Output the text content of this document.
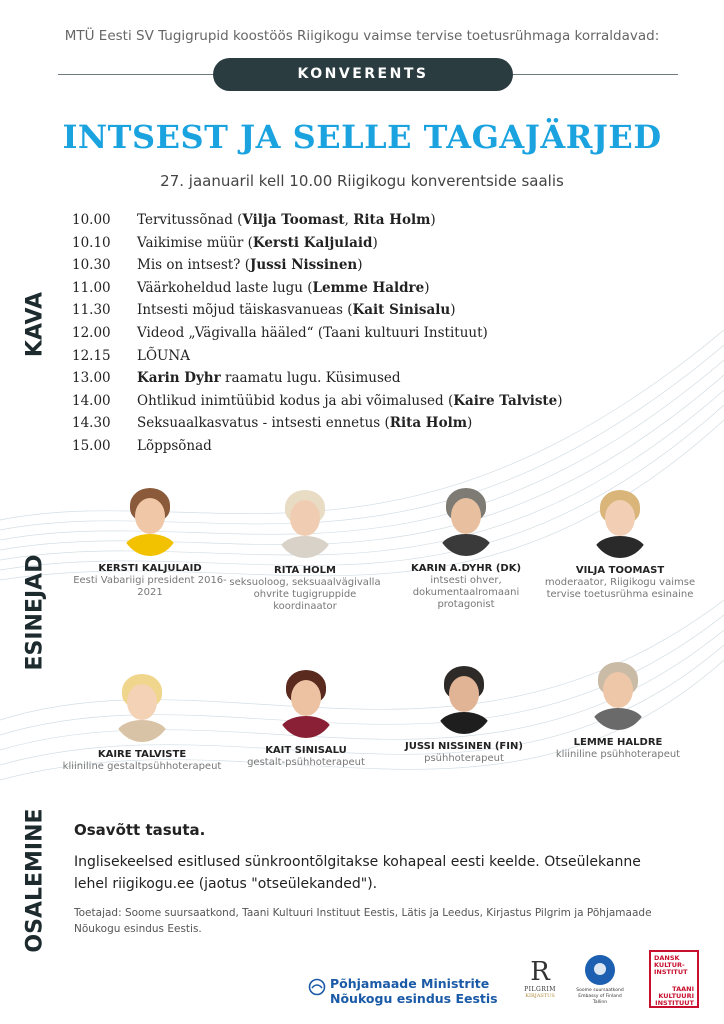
MTÜ Eesti SV Tugigrupid koostöös Riigikogu vaimse tervise toetusrühmaga korraldavad:
KONVERENTS
INTSEST JA SELLE TAGAJÄRJED
27. jaanuaril kell 10.00 Riigikogu konverentside saalis
KAVA
ESINEJAD
OSALEMINE
10.00 Tervitussõnad (Vilja Toomast, Rita Holm)
10.10 Vaikimise müür (Kersti Kaljulaid)
10.30 Mis on intsest? (Jussi Nissinen)
11.00 Väärkoheldud laste lugu (Lemme Haldre)
11.30 Intsesti mõjud täiskasvanueas (Kait Sinisalu)
12.00 Videod „Vägivalla hääled“ (Taani kultuuri Instituut)
12.15 LÕUNA
13.00 Karin Dyhr raamatu lugu. Küsimused
14.00 Ohtlikud inimtüübid kodus ja abi võimalused (Kaire Talviste)
14.30 Seksuaalkasvatus - intsesti ennetus (Rita Holm)
15.00 Lõppsõnad
KERSTI KALJULAID
Eesti Vabariigi president 2016-2021
RITA HOLM
seksuoloog, seksuaalvägivalla ohvrite tugigruppide koordinaator
KARIN A.DYHR (DK)
intsesti ohver, dokumentaalromaani protagonist
VILJA TOOMAST
moderaator, Riigikogu vaimse tervise toetusrühma esinaine
KAIRE TALVISTE
kliiniline gestaltpsühhoterapeut
KAIT SINISALU
gestalt-psühhoterapeut
JUSSI NISSINEN (FIN)
psühhoterapeut
LEMME HALDRE
kliiniline psühhoterapeut
Osavõtt tasuta.
Inglisekeelsed esitlused sünkroontõlgitakse kohapeal eesti keelde. Otseülekanne lehel riigikogu.ee (jaotus "otseülekanded").
Toetajad: Soome suursaatkond, Taani Kultuuri Instituut Eestis, Lätis ja Leedus, Kirjastus Pilgrim ja Põhjamaade Nõukogu esindus Eestis.
Põhjamaade Ministrite
Nõukogu esindus Eestis
R
PILGRIM
KIRJASTUS
Soome suursaatkond
Embassy of Finland
Tallinn
DANSK
KULTUR-
INSTITUT
TAANI
KULTUURI
INSTITUUT
